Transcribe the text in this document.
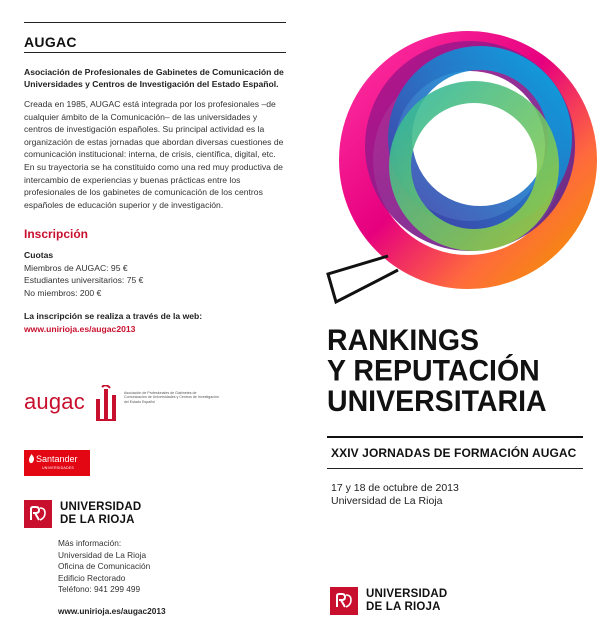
AUGAC
Asociación de Profesionales de Gabinetes de Comunicación de Universidades y Centros de Investigación del Estado Español.
Creada en 1985, AUGAC está integrada por los profesionales –de cualquier ámbito de la Comunicación– de las universidades y centros de investigación españoles. Su principal actividad es la organización de estas jornadas que abordan diversas cuestiones de comunicación institucional: interna, de crisis, científica, digital, etc. En su trayectoria se ha constituido como una red muy productiva de intercambio de experiencias y buenas prácticas entre los profesionales de los gabinetes de comunicación de los centros españoles de educación superior y de investigación.
Inscripción
Cuotas
Miembros de AUGAC: 95 €
Estudiantes universitarios: 75 €
No miembros: 200 €
La inscripción se realiza a través de la web:
www.unirioja.es/augac2013
augac	Asociación de Profesionales de Gabinetes de Comunicación de Universidades y Centros de Investigación del Estado Español
Santander
UNIVERSIDADES
UNIVERSIDAD
DE LA RIOJA
Más información:
Universidad de La Rioja
Oficina de Comunicación
Edificio Rectorado
Teléfono: 941 299 499
www.unirioja.es/augac2013
RANKINGS
Y REPUTACIÓN
UNIVERSITARIA
XXIV JORNADAS DE FORMACIÓN AUGAC
17 y 18 de octubre de 2013
Universidad de La Rioja
UNIVERSIDAD
DE LA RIOJA
